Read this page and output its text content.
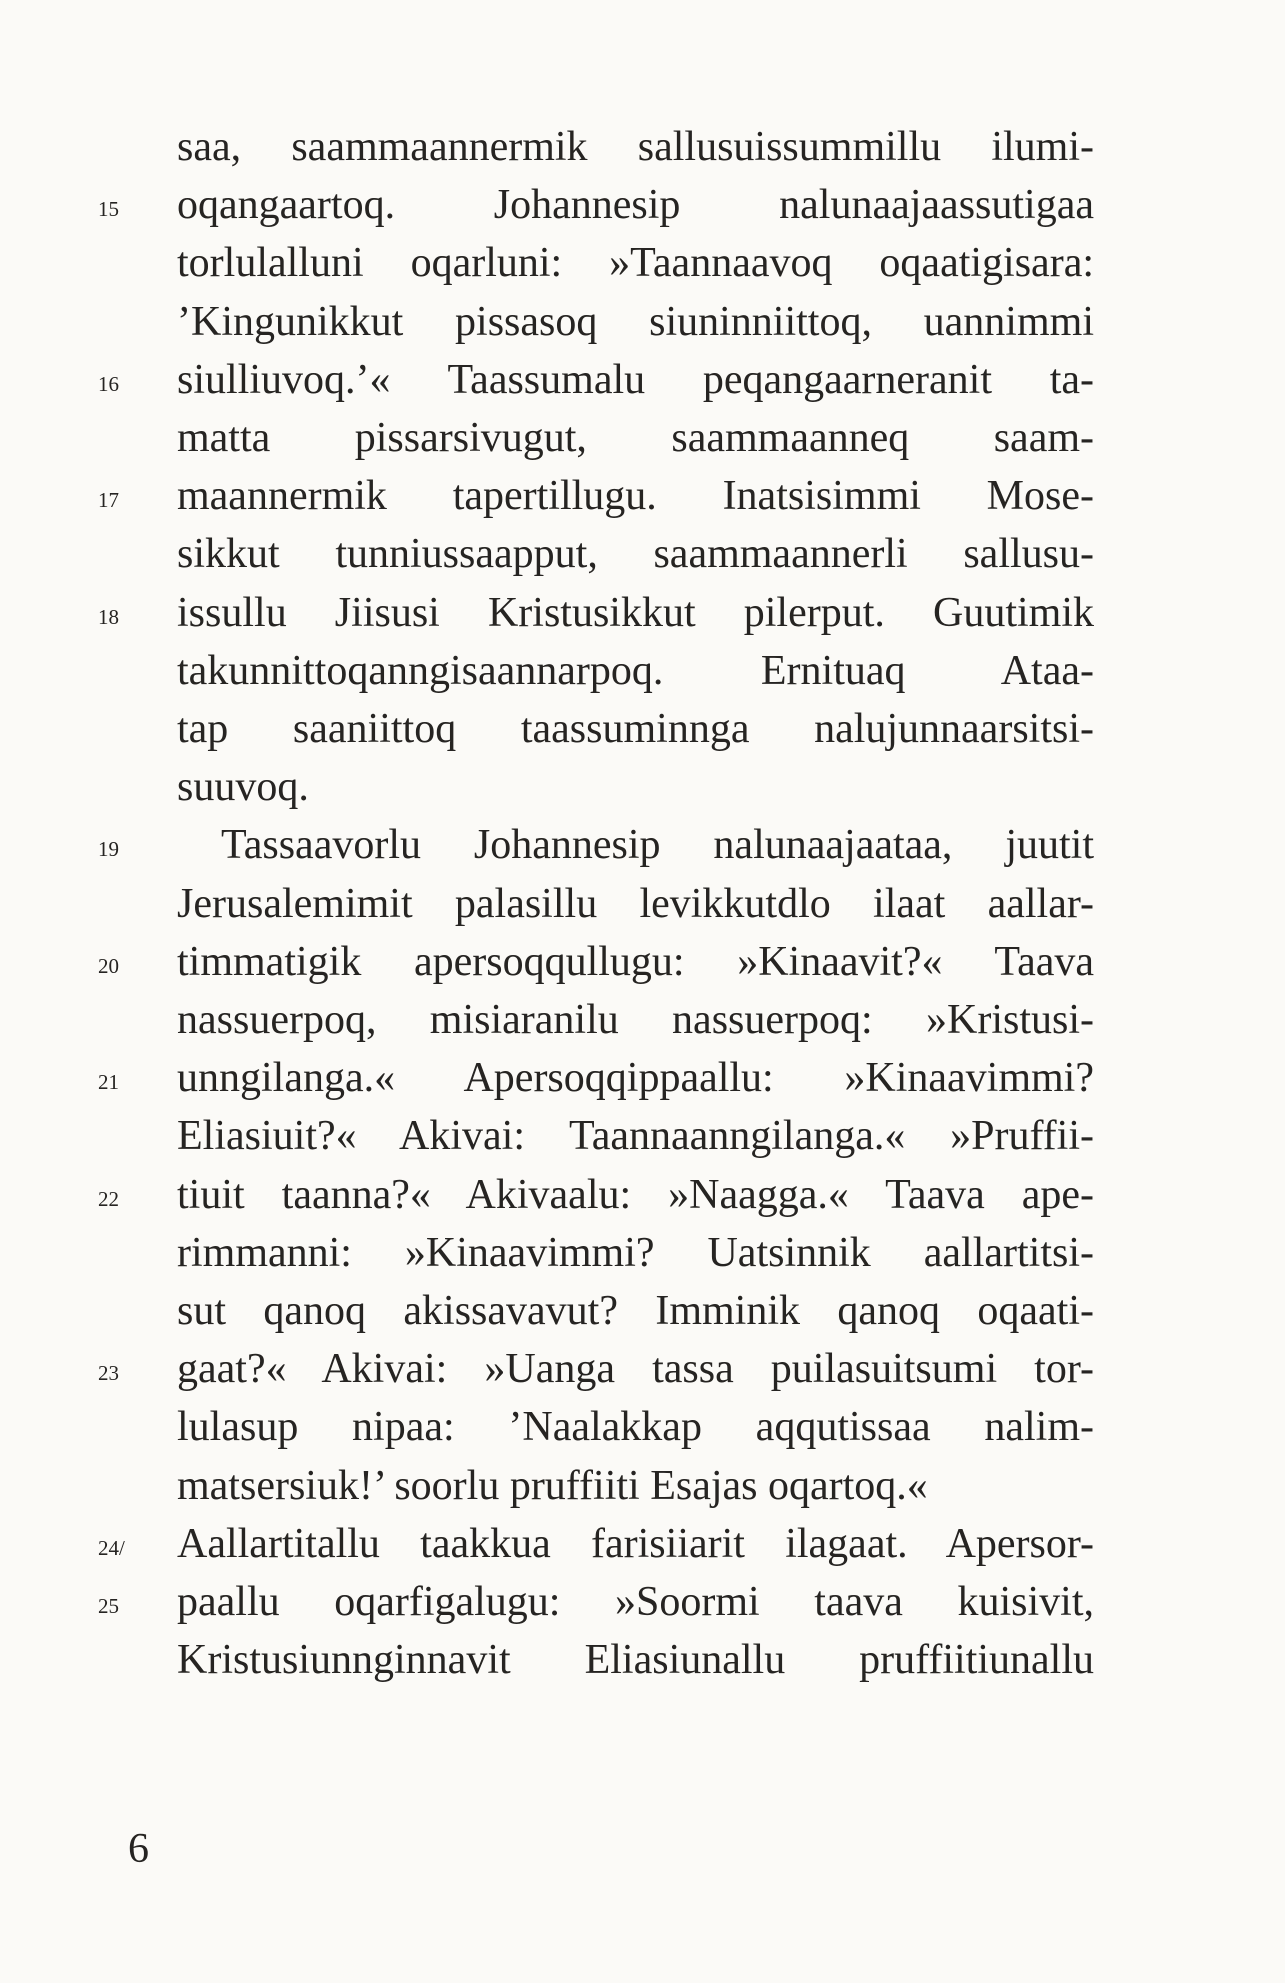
saa, saammaannermik sallusuissummillu ilumi-
oqangaartoq. Johannesip nalunaajaassutigaa
15
torlulalluni oqarluni: »Taannaavoq oqaatigisara:
’Kingunikkut pissasoq siuninniittoq, uannimmi
siulliuvoq.’« Taassumalu peqangaarneranit ta-
16
matta pissarsivugut, saammaanneq saam-
maannermik tapertillugu. Inatsisimmi Mose-
17
sikkut tunniussaapput, saammaannerli sallusu-
issullu Jiisusi Kristusikkut pilerput. Guutimik
18
takunnittoqanngisaannarpoq. Ernituaq Ataa-
tap saaniittoq taassuminnga nalujunnaarsitsi-
suuvoq.
Tassaavorlu Johannesip nalunaajaataa, juutit
19
Jerusalemimit palasillu levikkutdlo ilaat aallar-
timmatigik apersoqqullugu: »Kinaavit?« Taava
20
nassuerpoq, misiaranilu nassuerpoq: »Kristusi-
unngilanga.« Apersoqqippaallu: »Kinaavimmi?
21
Eliasiuit?« Akivai: Taannaanngilanga.« »Pruffii-
tiuit taanna?« Akivaalu: »Naagga.« Taava ape-
22
rimmanni: »Kinaavimmi? Uatsinnik aallartitsi-
sut qanoq akissavavut? Imminik qanoq oqaati-
gaat?« Akivai: »Uanga tassa puilasuitsumi tor-
23
lulasup nipaa: ’Naalakkap aqqutissaa nalim-
matsersiuk!’ soorlu pruffiiti Esajas oqartoq.«
Aallartitallu taakkua farisiiarit ilagaat. Apersor-
24/
paallu oqarfigalugu: »Soormi taava kuisivit,
25
Kristusiunnginnavit Eliasiunallu pruffiitiunallu
6
